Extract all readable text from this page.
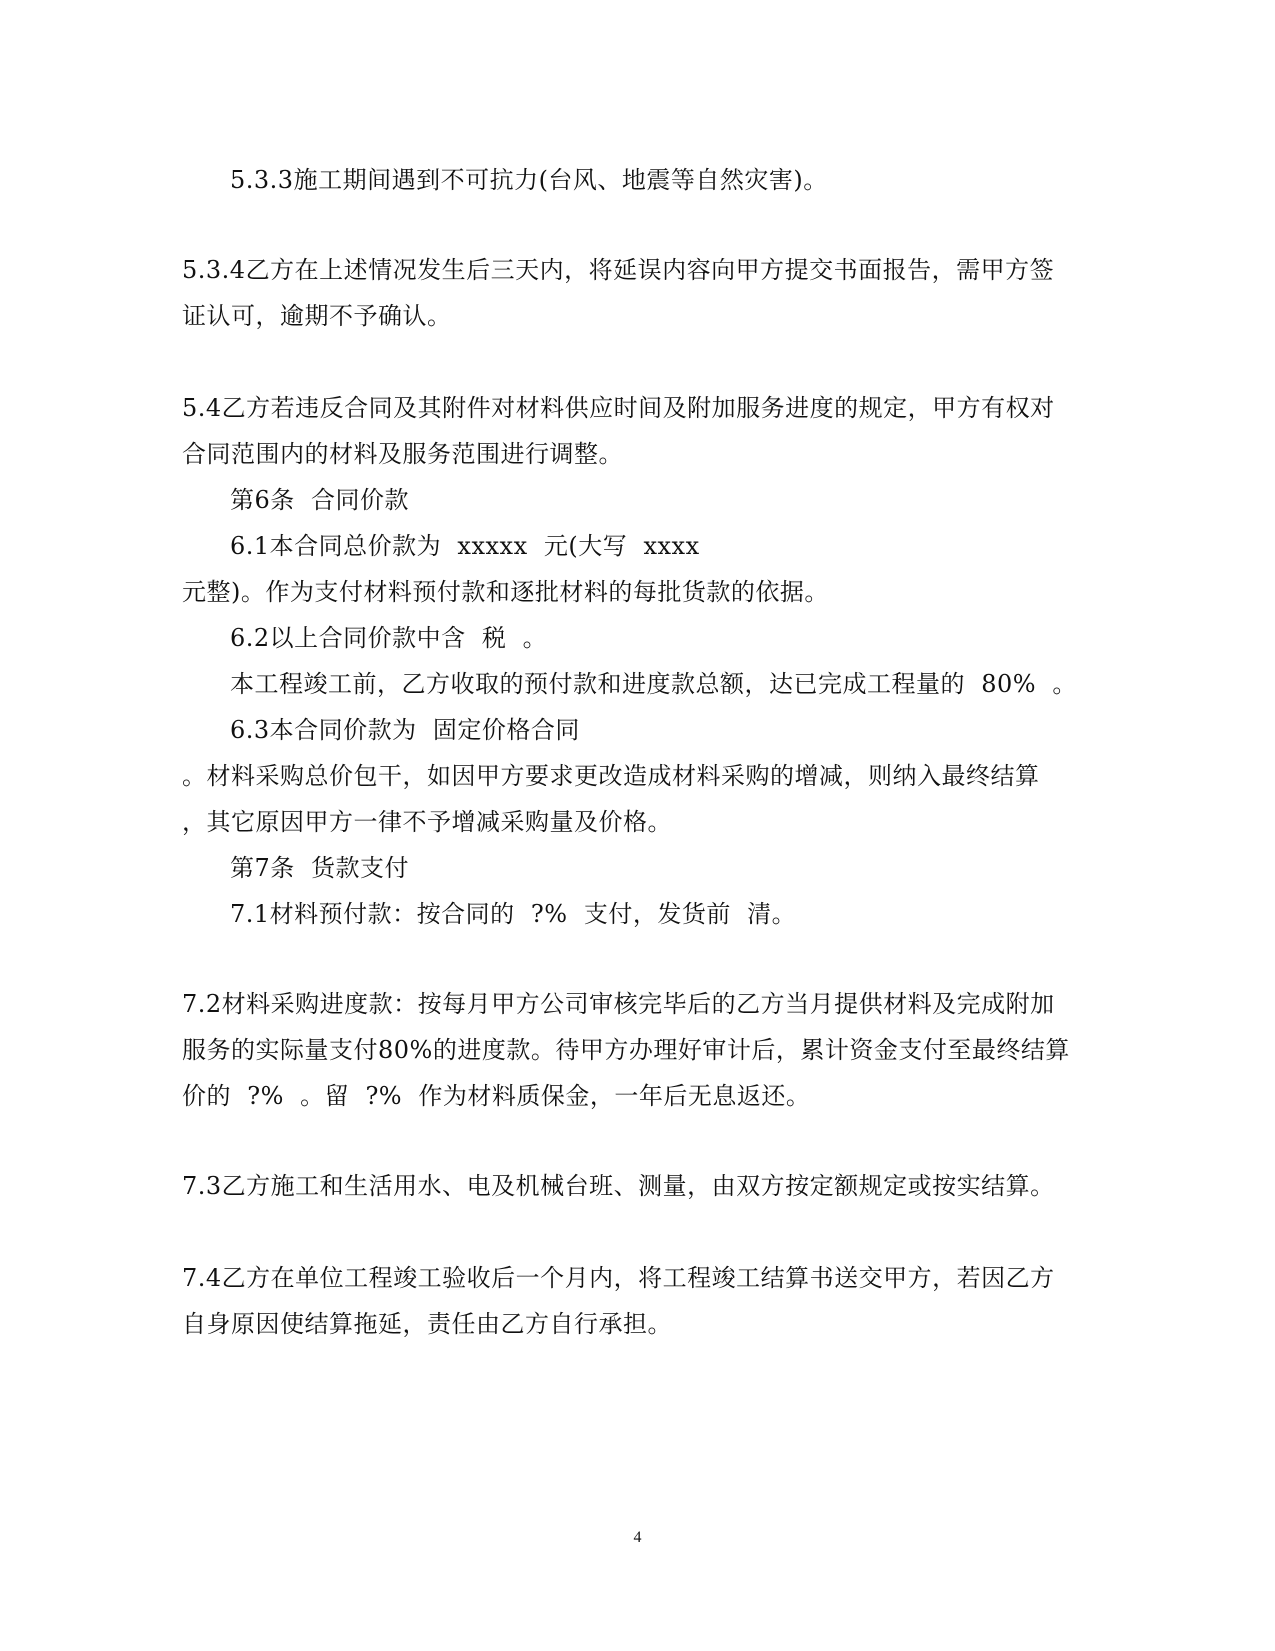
5.3.3施工期间遇到不可抗力(台风、地震等自然灾害)。
5.3.4乙方在上述情况发生后三天内，将延误内容向甲方提交书面报告，需甲方签
证认可，逾期不予确认。
5.4乙方若违反合同及其附件对材料供应时间及附加服务进度的规定，甲方有权对
合同范围内的材料及服务范围进行调整。
第6条  合同价款
6.1本合同总价款为  xxxxx  元(大写  xxxx
元整)。作为支付材料预付款和逐批材料的每批货款的依据。
6.2以上合同价款中含  税  。
本工程竣工前，乙方收取的预付款和进度款总额，达已完成工程量的  80%  。
6.3本合同价款为  固定价格合同
。材料采购总价包干，如因甲方要求更改造成材料采购的增减，则纳入最终结算
，其它原因甲方一律不予增减采购量及价格。
第7条  货款支付
7.1材料预付款：按合同的  ?%  支付，发货前  清。
7.2材料采购进度款：按每月甲方公司审核完毕后的乙方当月提供材料及完成附加
服务的实际量支付80%的进度款。待甲方办理好审计后，累计资金支付至最终结算
价的  ?%  。留  ?%  作为材料质保金，一年后无息返还。
7.3乙方施工和生活用水、电及机械台班、测量，由双方按定额规定或按实结算。
7.4乙方在单位工程竣工验收后一个月内，将工程竣工结算书送交甲方，若因乙方
自身原因使结算拖延，责任由乙方自行承担。
4
